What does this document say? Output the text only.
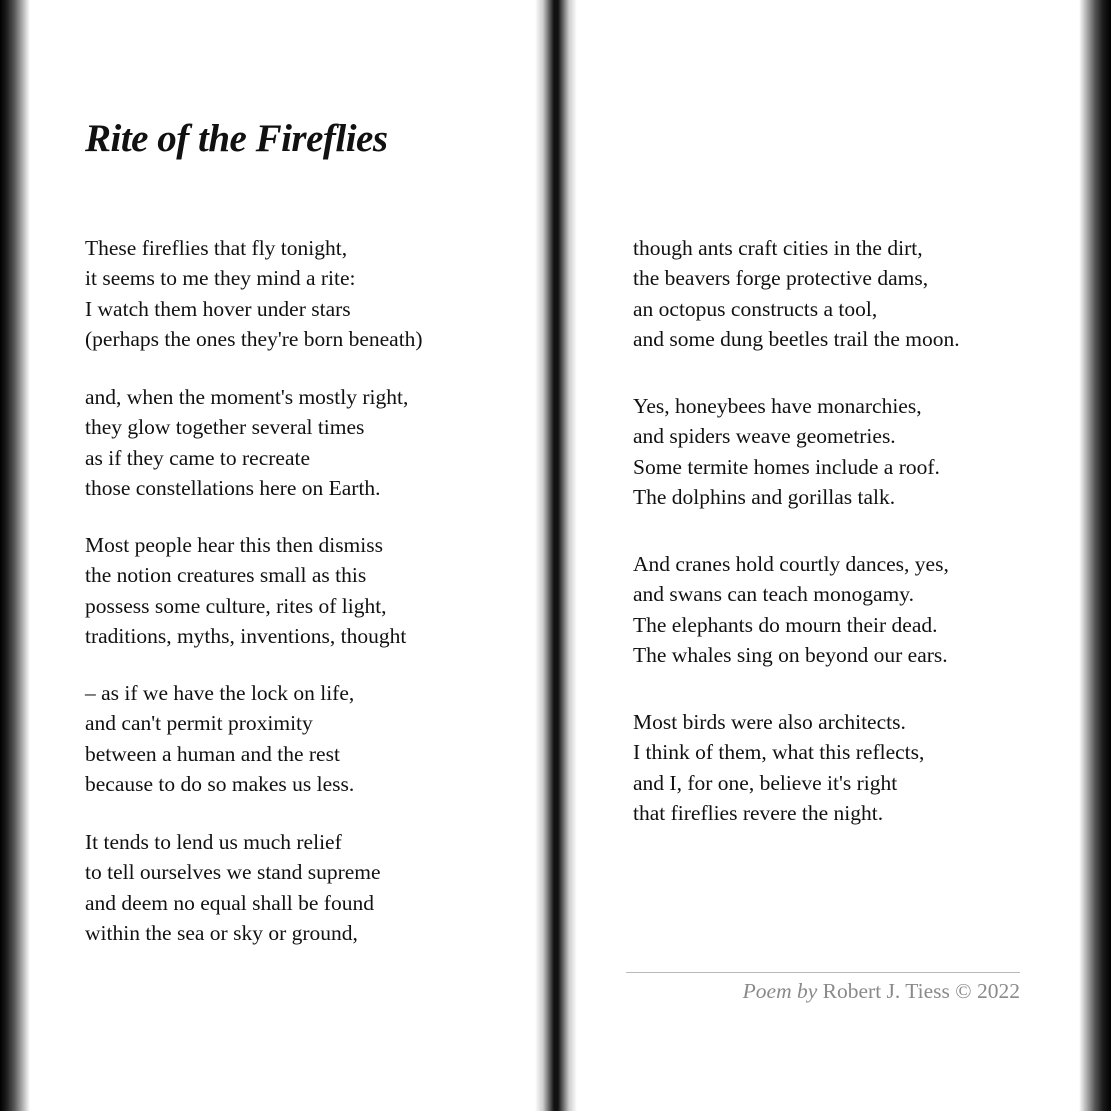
Rite of the Fireflies

These fireflies that fly tonight,
it seems to me they mind a rite:
I watch them hover under stars
(perhaps the ones they're born beneath)

and, when the moment's mostly right,
they glow together several times
as if they came to recreate
those constellations here on Earth.

Most people hear this then dismiss
the notion creatures small as this
possess some culture, rites of light,
traditions, myths, inventions, thought

– as if we have the lock on life,
and can't permit proximity
between a human and the rest
because to do so makes us less.

It tends to lend us much relief
to tell ourselves we stand supreme
and deem no equal shall be found
within the sea or sky or ground,

though ants craft cities in the dirt,
the beavers forge protective dams,
an octopus constructs a tool,
and some dung beetles trail the moon.

Yes, honeybees have monarchies,
and spiders weave geometries.
Some termite homes include a roof.
The dolphins and gorillas talk.

And cranes hold courtly dances, yes,
and swans can teach monogamy.
The elephants do mourn their dead.
The whales sing on beyond our ears.

Most birds were also architects.
I think of them, what this reflects,
and I, for one, believe it's right
that fireflies revere the night.

Poem by Robert J. Tiess © 2022
